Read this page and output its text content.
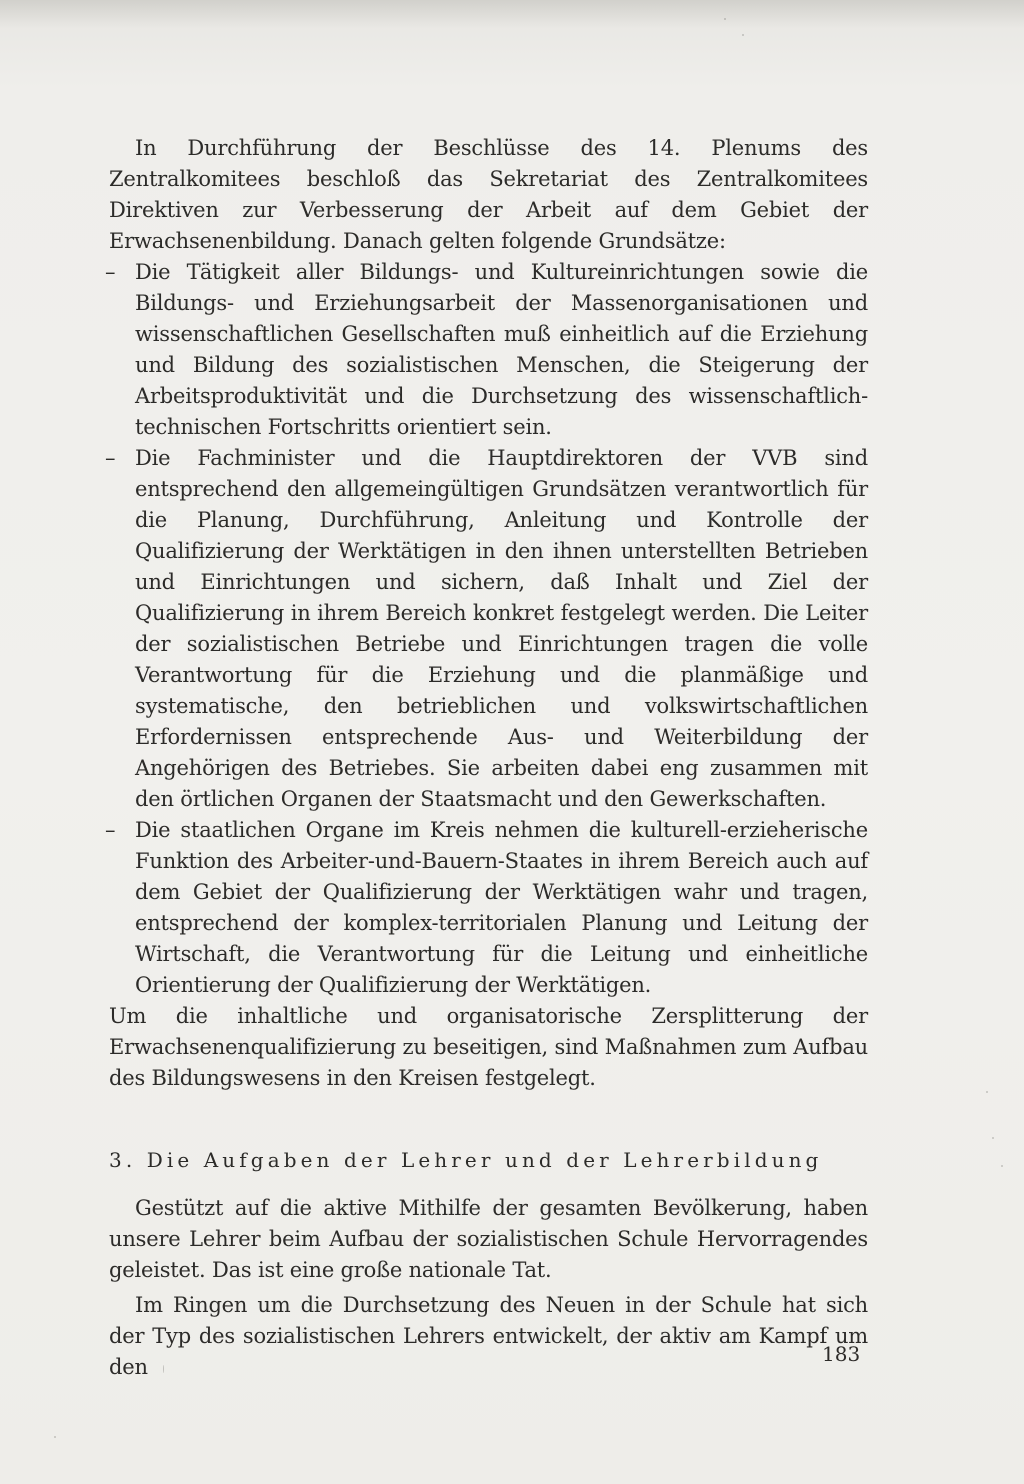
In Durchführung der Beschlüsse des 14. Plenums des Zentralkomitees beschloß das Sekretariat des Zentralkomitees Direktiven zur Verbesserung der Arbeit auf dem Gebiet der Erwachsenenbildung. Danach gelten folgende Grundsätze:

– Die Tätigkeit aller Bildungs- und Kultureinrichtungen sowie die Bildungs- und Erziehungsarbeit der Massenorganisationen und wissenschaftlichen Gesellschaften muß einheitlich auf die Erziehung und Bildung des sozialistischen Menschen, die Steigerung der Arbeitsproduktivität und die Durchsetzung des wissenschaftlich-technischen Fortschritts orientiert sein.
– Die Fachminister und die Hauptdirektoren der VVB sind entsprechend den allgemeingültigen Grundsätzen verantwortlich für die Planung, Durchführung, Anleitung und Kontrolle der Qualifizierung der Werktätigen in den ihnen unterstellten Betrieben und Einrichtungen und sichern, daß Inhalt und Ziel der Qualifizierung in ihrem Bereich konkret festgelegt werden. Die Leiter der sozialistischen Betriebe und Einrichtungen tragen die volle Verantwortung für die Erziehung und die planmäßige und systematische, den betrieblichen und volkswirtschaftlichen Erfordernissen entsprechende Aus- und Weiterbildung der Angehörigen des Betriebes. Sie arbeiten dabei eng zusammen mit den örtlichen Organen der Staatsmacht und den Gewerkschaften.
– Die staatlichen Organe im Kreis nehmen die kulturell-erzieherische Funktion des Arbeiter-und-Bauern-Staates in ihrem Bereich auch auf dem Gebiet der Qualifizierung der Werktätigen wahr und tragen, entsprechend der komplex-territorialen Planung und Leitung der Wirtschaft, die Verantwortung für die Leitung und einheitliche Orientierung der Qualifizierung der Werktätigen.

Um die inhaltliche und organisatorische Zersplitterung der Erwachsenenqualifizierung zu beseitigen, sind Maßnahmen zum Aufbau des Bildungswesens in den Kreisen festgelegt.

3. Die Aufgaben der Lehrer und der Lehrerbildung

Gestützt auf die aktive Mithilfe der gesamten Bevölkerung, haben unsere Lehrer beim Aufbau der sozialistischen Schule Hervorragendes geleistet. Das ist eine große nationale Tat.

Im Ringen um die Durchsetzung des Neuen in der Schule hat sich der Typ des sozialistischen Lehrers entwickelt, der aktiv am Kampf um den

183
